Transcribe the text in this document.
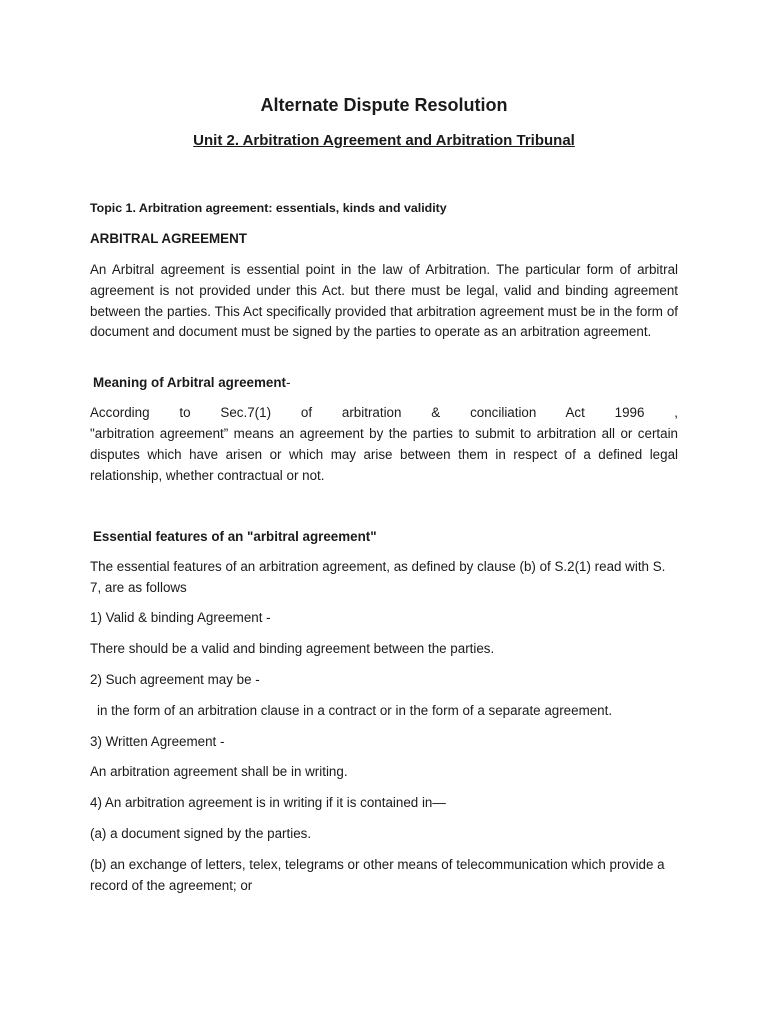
Alternate Dispute Resolution
Unit 2. Arbitration Agreement and Arbitration Tribunal

Topic 1. Arbitration agreement: essentials, kinds and validity

ARBITRAL AGREEMENT

An Arbitral agreement is essential point in the law of Arbitration. The particular form of arbitral agreement is not provided under this Act. but there must be legal, valid and binding agreement between the parties. This Act specifically provided that arbitration agreement must be in the form of document and document must be signed by the parties to operate as an arbitration agreement.

Meaning of Arbitral agreement-

According to Sec.7(1) of arbitration & conciliation Act 1996 ,

"arbitration agreement” means an agreement by the parties to submit to arbitration all or certain disputes which have arisen or which may arise between them in respect of a defined legal relationship, whether contractual or not.

Essential features of an "arbitral agreement"

The essential features of an arbitration agreement, as defined by clause (b) of S.2(1) read with S. 7, are as follows

1) Valid & binding Agreement -

There should be a valid and binding agreement between the parties.

2) Such agreement may be -

in the form of an arbitration clause in a contract or in the form of a separate agreement.

3) Written Agreement -

An arbitration agreement shall be in writing.

4) An arbitration agreement is in writing if it is contained in—

(a) a document signed by the parties.

(b) an exchange of letters, telex, telegrams or other means of telecommunication which provide a record of the agreement; or
